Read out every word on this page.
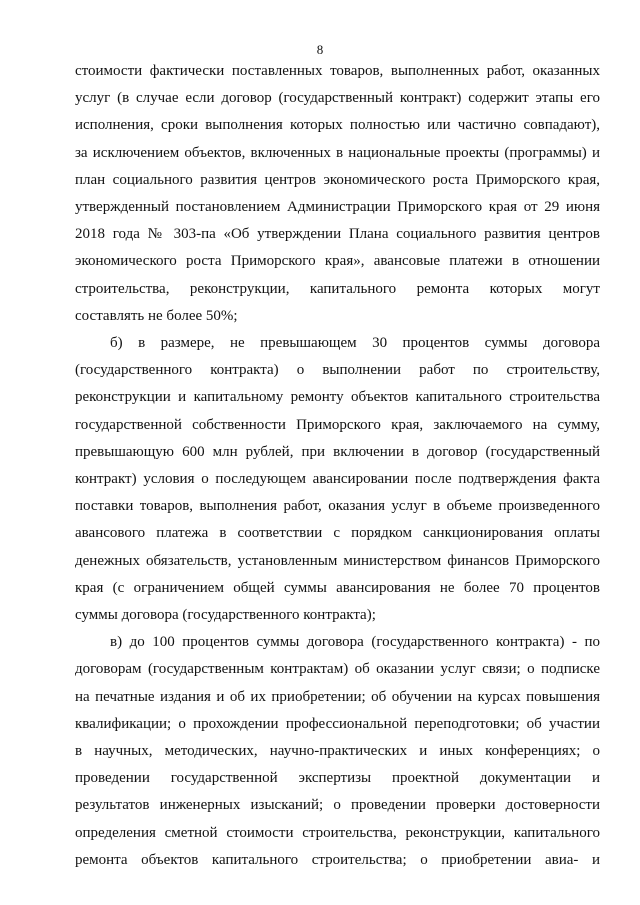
8
стоимости фактически поставленных товаров, выполненных работ, оказанных
услуг (в случае если договор (государственный контракт) содержит этапы его
исполнения, сроки выполнения которых полностью или частично совпадают),
за исключением объектов, включенных в национальные проекты (программы) и
план социального развития центров экономического роста Приморского края,
утвержденный постановлением Администрации Приморского края от 29 июня
2018 года № 303-па «Об утверждении Плана социального развития центров
экономического роста Приморского края», авансовые платежи в отношении
строительства, реконструкции, капитального ремонта которых могут
составлять не более 50%;
б) в размере, не превышающем 30 процентов суммы договора
(государственного контракта) о выполнении работ по строительству,
реконструкции и капитальному ремонту объектов капитального строительства
государственной собственности Приморского края, заключаемого на сумму,
превышающую 600 млн рублей, при включении в договор (государственный
контракт) условия о последующем авансировании после подтверждения факта
поставки товаров, выполнения работ, оказания услуг в объеме произведенного
авансового платежа в соответствии с порядком санкционирования оплаты
денежных обязательств, установленным министерством финансов Приморского
края (с ограничением общей суммы авансирования не более 70 процентов
суммы договора (государственного контракта);
в) до 100 процентов суммы договора (государственного контракта) - по
договорам (государственным контрактам) об оказании услуг связи; о подписке
на печатные издания и об их приобретении; об обучении на курсах повышения
квалификации; о прохождении профессиональной переподготовки; об участии
в научных, методических, научно-практических и иных конференциях; о
проведении государственной экспертизы проектной документации и
результатов инженерных изысканий; о проведении проверки достоверности
определения сметной стоимости строительства, реконструкции, капитального
ремонта объектов капитального строительства; о приобретении авиа- и
